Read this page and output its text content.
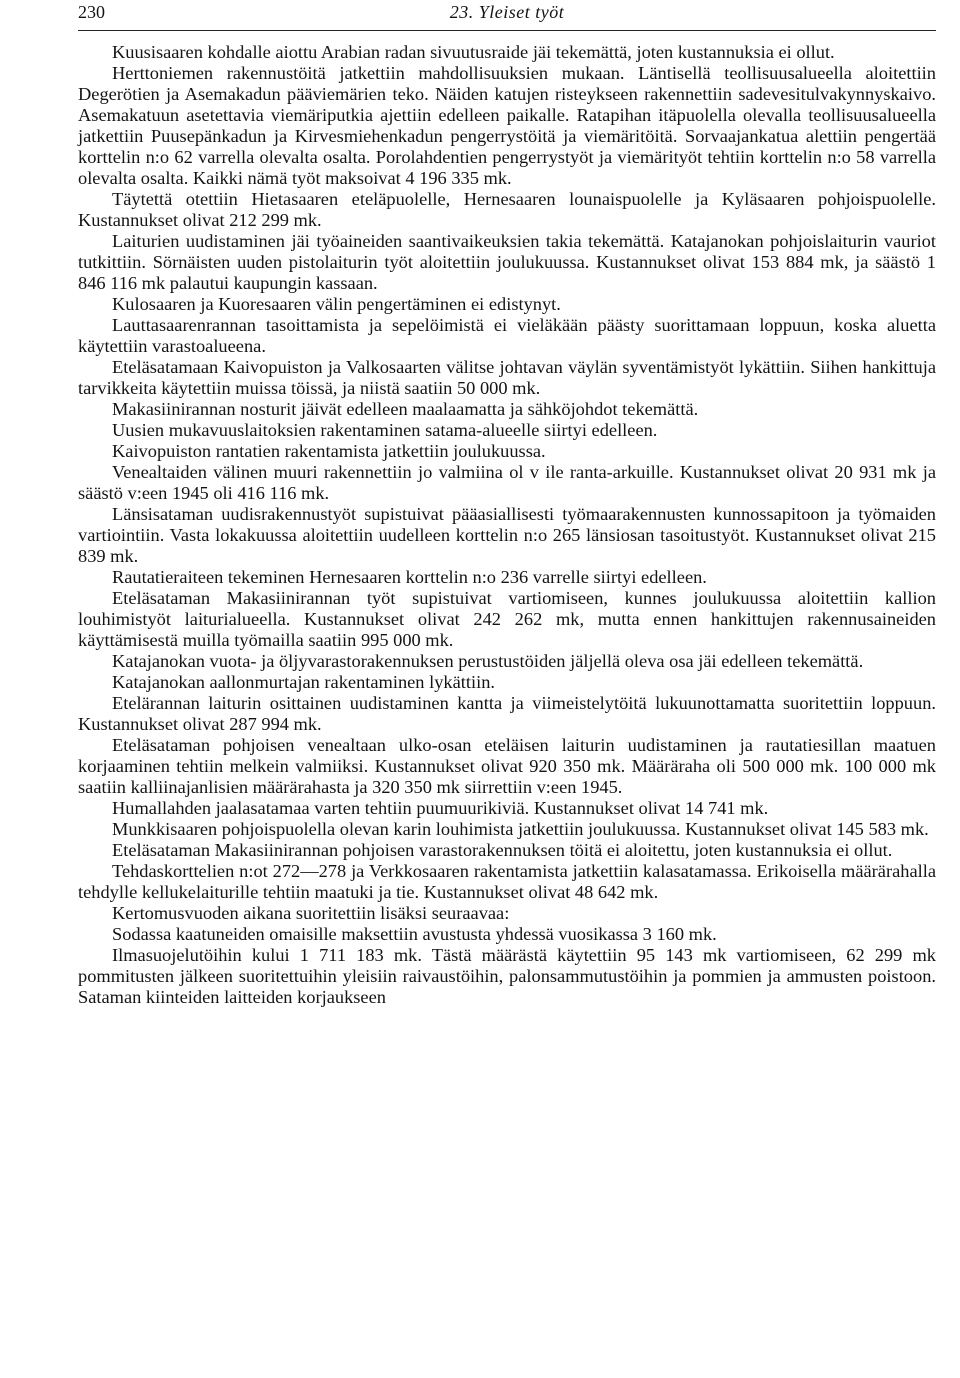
230	23. Yleiset työt

Kuusisaaren kohdalle aiottu Arabian radan sivuutusraide jäi tekemättä, joten kustannuksia ei ollut.

Herttoniemen rakennustöitä jatkettiin mahdollisuuksien mukaan. Läntisellä teollisuusalueella aloitettiin Degerötien ja Asemakadun pääviemärien teko. Näiden katujen risteykseen rakennettiin sadevesitulvakynnyskaivo. Asemakatuun asetettavia viemäriputkia ajettiin edelleen paikalle. Ratapihan itäpuolella olevalla teollisuusalueella jatkettiin Puusepänkadun ja Kirvesmiehenkadun pengerrystöitä ja viemäritöitä. Sorvaajankatua alettiin pengertää korttelin n:o 62 varrella olevalta osalta. Porolahdentien pengerrystyöt ja viemärityöt tehtiin korttelin n:o 58 varrella olevalta osalta. Kaikki nämä työt maksoivat 4 196 335 mk.

Täytettä otettiin Hietasaaren eteläpuolelle, Hernesaaren lounaispuolelle ja Kyläsaaren pohjoispuolelle. Kustannukset olivat 212 299 mk.

Laiturien uudistaminen jäi työaineiden saantivaikeuksien takia tekemättä. Katajanokan pohjoislaiturin vauriot tutkittiin. Sörnäisten uuden pistolaiturin työt aloitettiin joulukuussa. Kustannukset olivat 153 884 mk, ja säästö 1 846 116 mk palautui kaupungin kassaan.

Kulosaaren ja Kuoresaaren välin pengertäminen ei edistynyt.

Lauttasaarenrannan tasoittamista ja sepelöimistä ei vieläkään päästy suorittamaan loppuun, koska aluetta käytettiin varastoalueena.

Eteläsatamaan Kaivopuiston ja Valkosaarten välitse johtavan väylän syventämistyöt lykättiin. Siihen hankittuja tarvikkeita käytettiin muissa töissä, ja niistä saatiin 50 000 mk.

Makasiinirannan nosturit jäivät edelleen maalaamatta ja sähköjohdot tekemättä.

Uusien mukavuuslaitoksien rakentaminen satama-alueelle siirtyi edelleen.

Kaivopuiston rantatien rakentamista jatkettiin joulukuussa.

Venealtaiden välinen muuri rakennettiin jo valmiina ol v ile ranta-arkuille. Kustannukset olivat 20 931 mk ja säästö v:een 1945 oli 416 116 mk.

Länsisataman uudisrakennustyöt supistuivat pääasiallisesti työmaarakennusten kunnossapitoon ja työmaiden vartiointiin. Vasta lokakuussa aloitettiin uudelleen korttelin n:o 265 länsiosan tasoitustyöt. Kustannukset olivat 215 839 mk.

Rautatieraiteen tekeminen Hernesaaren korttelin n:o 236 varrelle siirtyi edelleen.

Eteläsataman Makasiinirannan työt supistuivat vartiomiseen, kunnes joulukuussa aloitettiin kallion louhimistyöt laiturialueella. Kustannukset olivat 242 262 mk, mutta ennen hankittujen rakennusaineiden käyttämisestä muilla työmailla saatiin 995 000 mk.

Katajanokan vuota- ja öljyvarastorakennuksen perustustöiden jäljellä oleva osa jäi edelleen tekemättä.

Katajanokan aallonmurtajan rakentaminen lykättiin.

Etelärannan laiturin osittainen uudistaminen kantta ja viimeistelytöitä lukuunottamatta suoritettiin loppuun. Kustannukset olivat 287 994 mk.

Eteläsataman pohjoisen venealtaan ulko-osan eteläisen laiturin uudistaminen ja rautatiesillan maatuen korjaaminen tehtiin melkein valmiiksi. Kustannukset olivat 920 350 mk. Määräraha oli 500 000 mk. 100 000 mk saatiin kalliinajanlisien määrärahasta ja 320 350 mk siirrettiin v:een 1945.

Humallahden jaalasatamaa varten tehtiin puumuurikiviä. Kustannukset olivat 14 741 mk.

Munkkisaaren pohjoispuolella olevan karin louhimista jatkettiin joulukuussa. Kustannukset olivat 145 583 mk.

Eteläsataman Makasiinirannan pohjoisen varastorakennuksen töitä ei aloitettu, joten kustannuksia ei ollut.

Tehdaskorttelien n:ot 272—278 ja Verkkosaaren rakentamista jatkettiin kalasatamassa. Erikoisella määrärahalla tehdylle kellukelaiturille tehtiin maatuki ja tie. Kustannukset olivat 48 642 mk.

Kertomusvuoden aikana suoritettiin lisäksi seuraavaa:

Sodassa kaatuneiden omaisille maksettiin avustusta yhdessä vuosikassa 3 160 mk.

Ilmasuojelutöihin kului 1 711 183 mk. Tästä määrästä käytettiin 95 143 mk vartiomiseen, 62 299 mk pommitusten jälkeen suoritettuihin yleisiin raivaustöihin, palonsammutustöihin ja pommien ja ammusten poistoon. Sataman kiinteiden laitteiden korjaukseen
